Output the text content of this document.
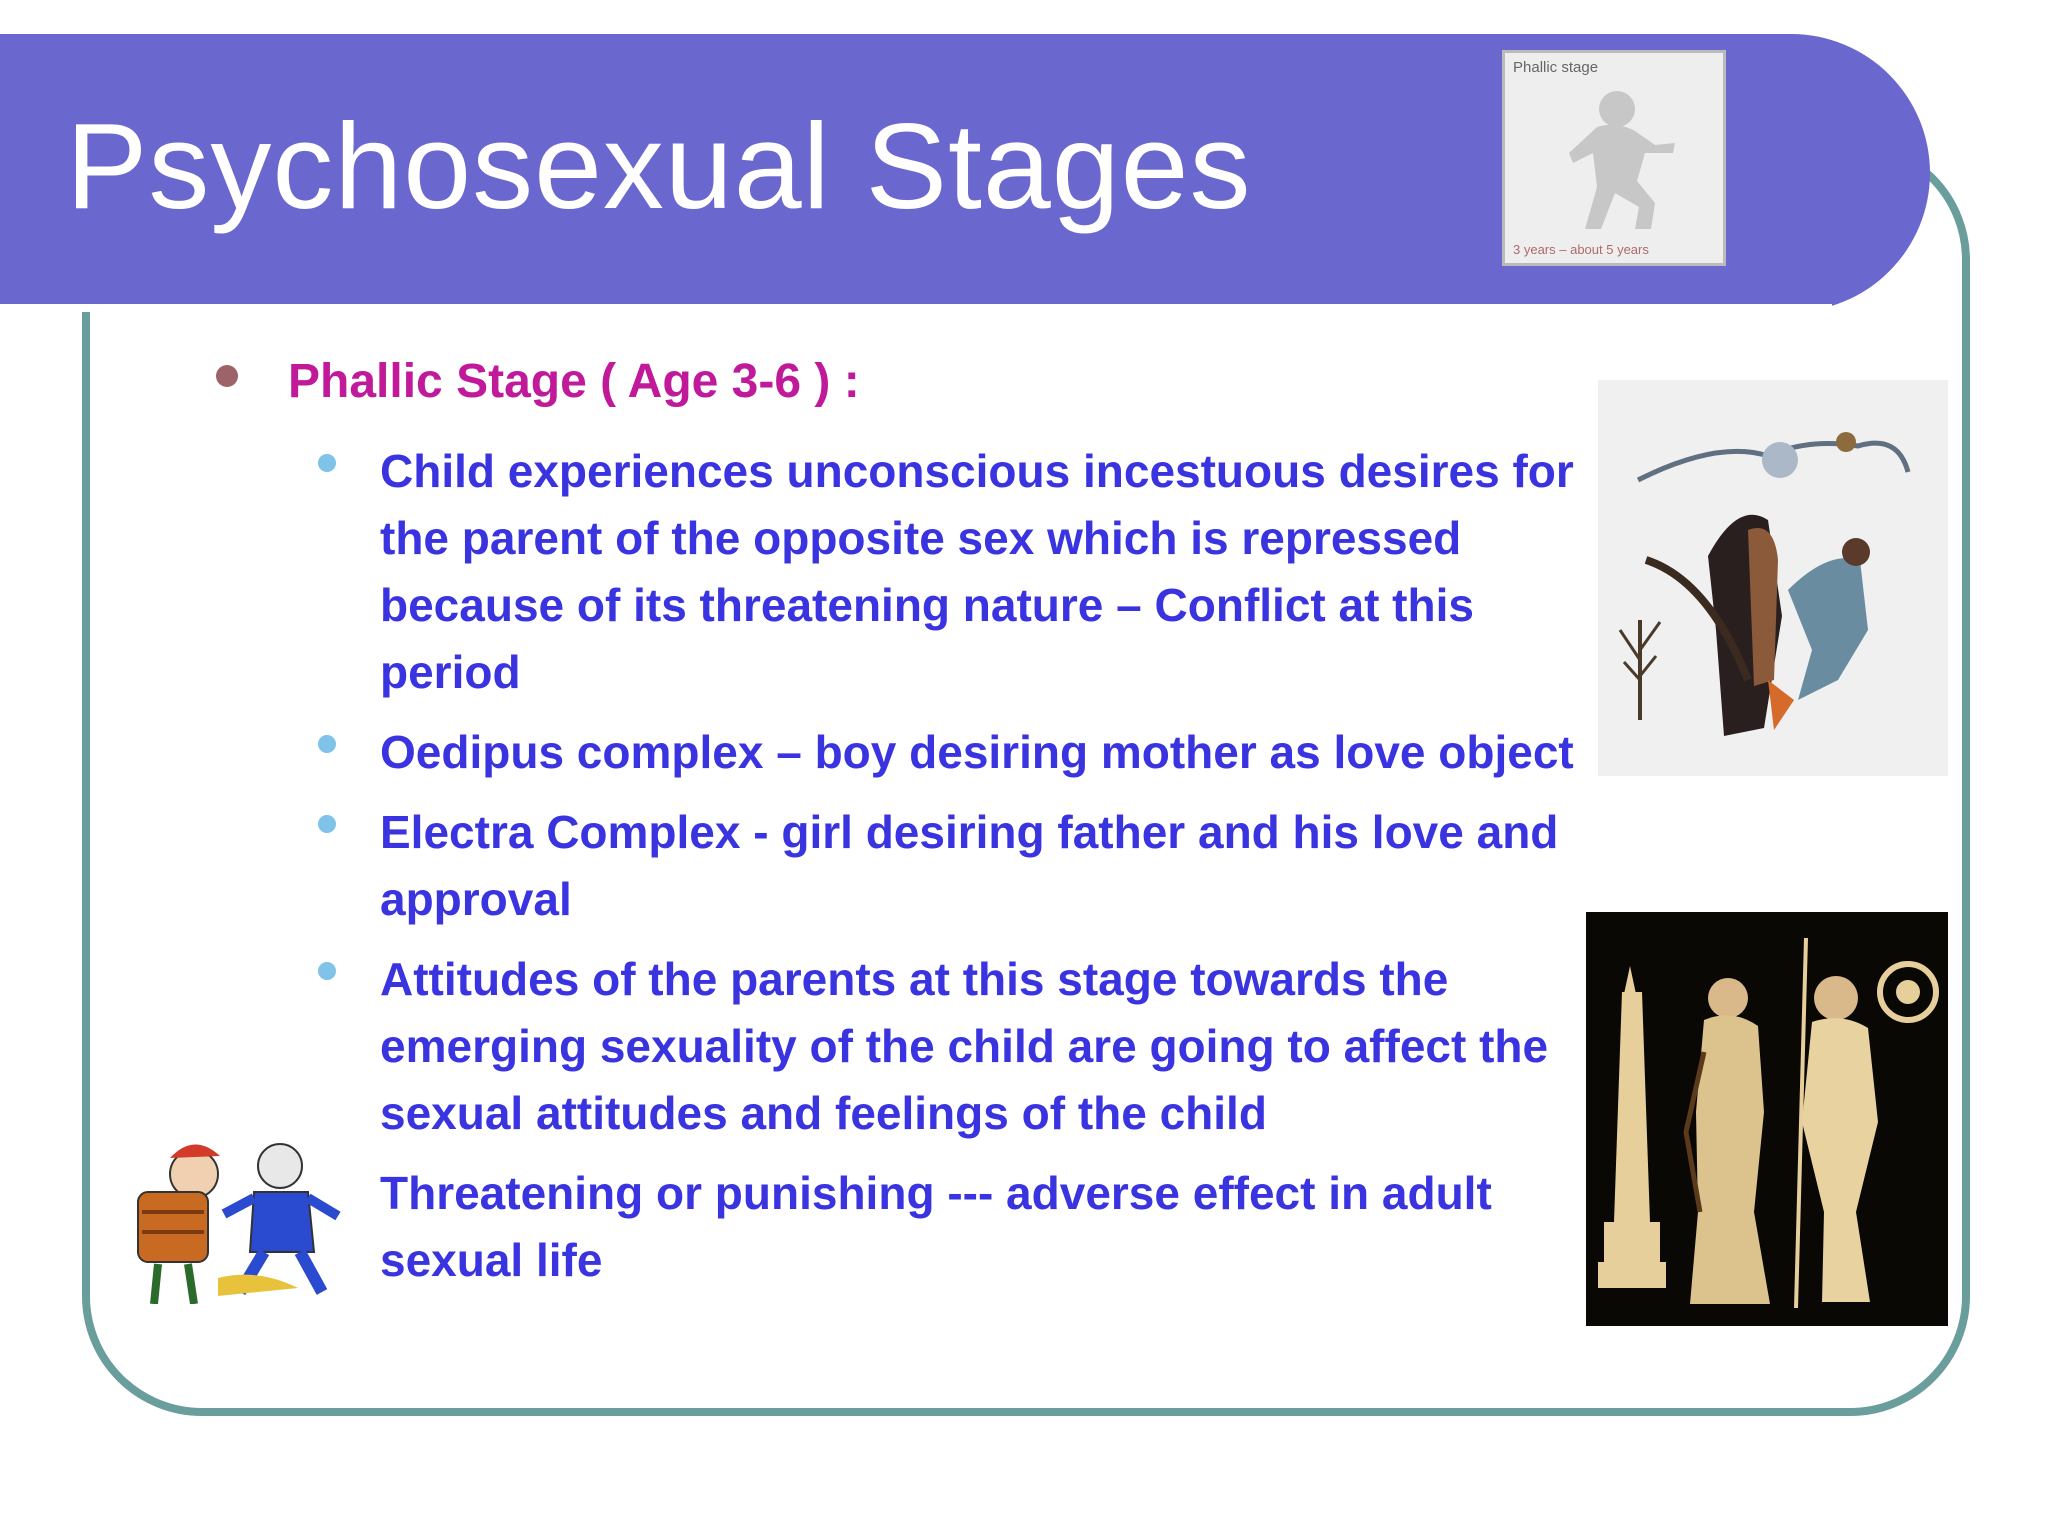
Psychosexual Stages
Phallic stage
3 years – about 5 years
Phallic Stage ( Age 3-6 ) :
Child experiences unconscious incestuous desires for the parent of the opposite sex which is repressed because of its threatening nature – Conflict at this period
Oedipus complex – boy desiring mother as love object
Electra Complex - girl desiring father and his love and approval
Attitudes of the parents at this stage towards the emerging sexuality of the child are going to affect the sexual attitudes and feelings of the child
Threatening or punishing --- adverse effect in adult sexual life
